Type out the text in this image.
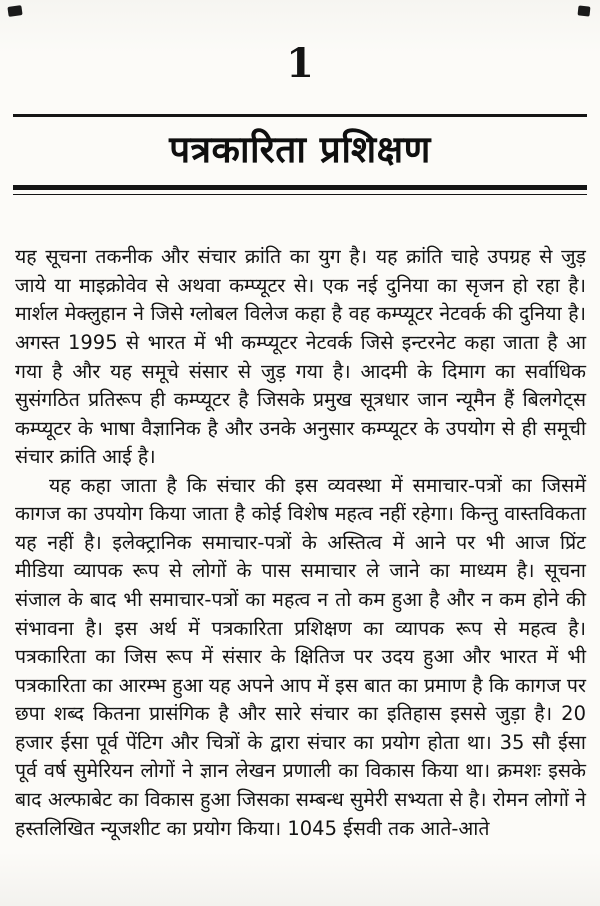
1
पत्रकारिता प्रशिक्षण

यह सूचना तकनीक और संचार क्रांति का युग है। यह क्रांति चाहे उपग्रह से जुड़ जाये या माइक्रोवेव से अथवा कम्प्यूटर से। एक नई दुनिया का सृजन हो रहा है। मार्शल मेक्लुहान ने जिसे ग्लोबल विलेज कहा है वह कम्प्यूटर नेटवर्क की दुनिया है। अगस्त 1995 से भारत में भी कम्प्यूटर नेटवर्क जिसे इन्टरनेट कहा जाता है आ गया है और यह समूचे संसार से जुड़ गया है। आदमी के दिमाग का सर्वाधिक सुसंगठित प्रतिरूप ही कम्प्यूटर है जिसके प्रमुख सूत्रधार जान न्यूमैन हैं बिलगेट्स कम्प्यूटर के भाषा वैज्ञानिक है और उनके अनुसार कम्प्यूटर के उपयोग से ही समूची संचार क्रांति आई है।

यह कहा जाता है कि संचार की इस व्यवस्था में समाचार-पत्रों का जिसमें कागज का उपयोग किया जाता है कोई विशेष महत्व नहीं रहेगा। किन्तु वास्तविकता यह नहीं है। इलेक्ट्रानिक समाचार-पत्रों के अस्तित्व में आने पर भी आज प्रिंट मीडिया व्यापक रूप से लोगों के पास समाचार ले जाने का माध्यम है। सूचना संजाल के बाद भी समाचार-पत्रों का महत्व न तो कम हुआ है और न कम होने की संभावना है। इस अर्थ में पत्रकारिता प्रशिक्षण का व्यापक रूप से महत्व है। पत्रकारिता का जिस रूप में संसार के क्षितिज पर उदय हुआ और भारत में भी पत्रकारिता का आरम्भ हुआ यह अपने आप में इस बात का प्रमाण है कि कागज पर छपा शब्द कितना प्रासंगिक है और सारे संचार का इतिहास इससे जुड़ा है। 20 हजार ईसा पूर्व पेंटिग और चित्रों के द्वारा संचार का प्रयोग होता था। 35 सौ ईसा पूर्व वर्ष सुमेरियन लोगों ने ज्ञान लेखन प्रणाली का विकास किया था। क्रमशः इसके बाद अल्फाबेट का विकास हुआ जिसका सम्बन्ध सुमेरी सभ्यता से है। रोमन लोगों ने हस्तलिखित न्यूजशीट का प्रयोग किया। 1045 ईसवी तक आते-आते
